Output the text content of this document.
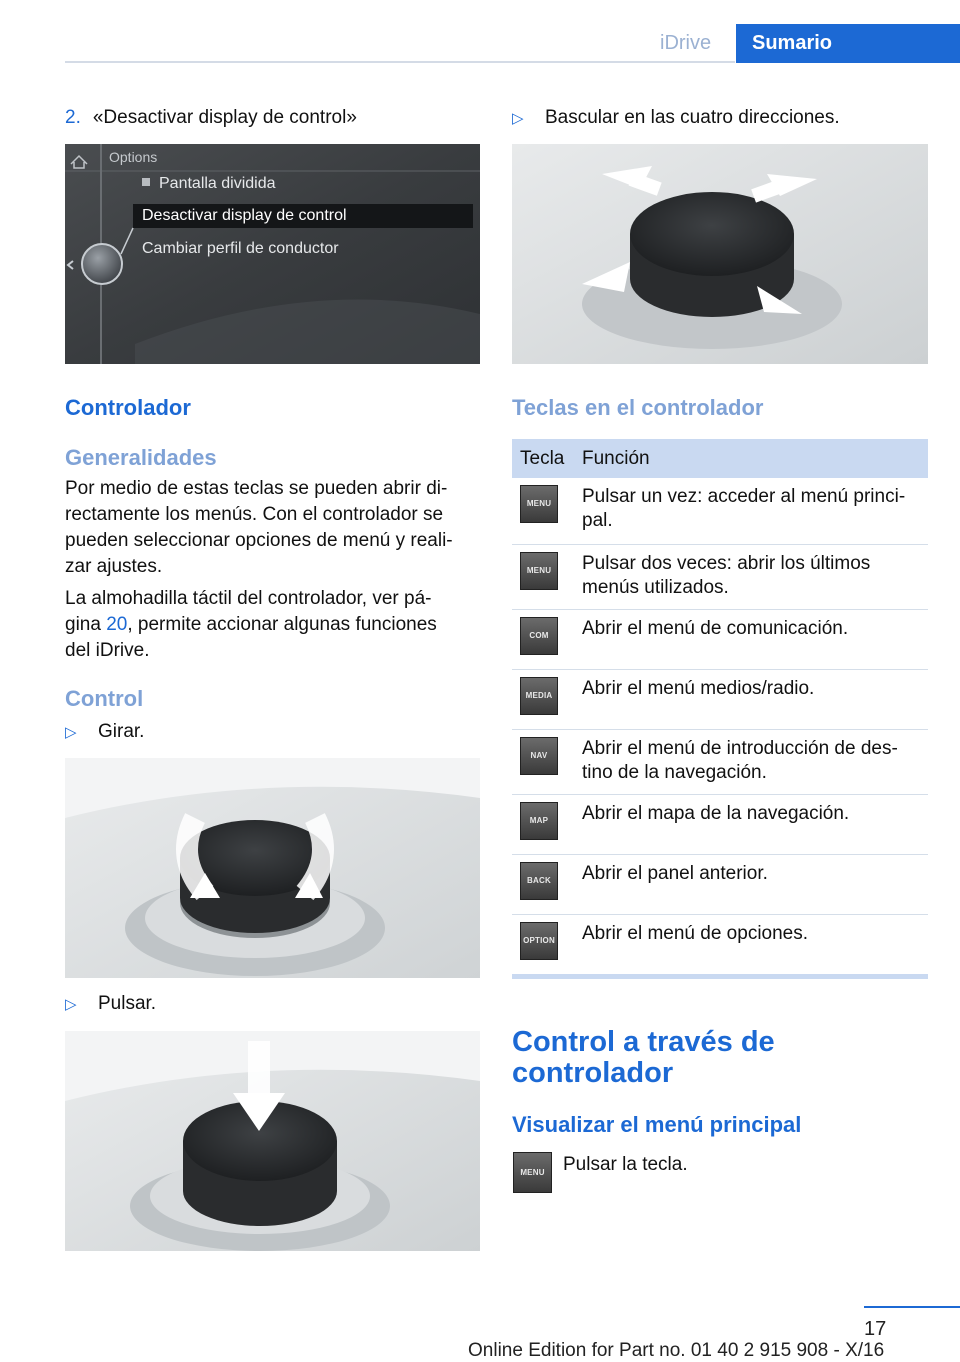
iDrive	Sumario
2. «Desactivar display de control»
Options
Pantalla dividida
Desactivar display de control
Cambiar perfil de conductor
Controlador
Generalidades
Por medio de estas teclas se pueden abrir di-
rectamente los menús. Con el controlador se
pueden seleccionar opciones de menú y reali-
zar ajustes.
La almohadilla táctil del controlador, ver pá-
gina 20, permite accionar algunas funciones
del iDrive.
Control
▷ Girar.
▷ Pulsar.
▷ Bascular en las cuatro direcciones.
Teclas en el controlador
Tecla	Función

MENU	Pulsar un vez: acceder al menú princi-
pal.

MENU	Pulsar dos veces: abrir los últimos
menús utilizados.

COM	Abrir el menú de comunicación.

MEDIA	Abrir el menú medios/radio.

NAV	Abrir el menú de introducción de des-
tino de la navegación.

MAP	Abrir el mapa de la navegación.

BACK	Abrir el panel anterior.

OPTION	Abrir el menú de opciones.
Control a través de
controlador
Visualizar el menú principal
MENU Pulsar la tecla.
17
Online Edition for Part no. 01 40 2 915 908 - X/16
